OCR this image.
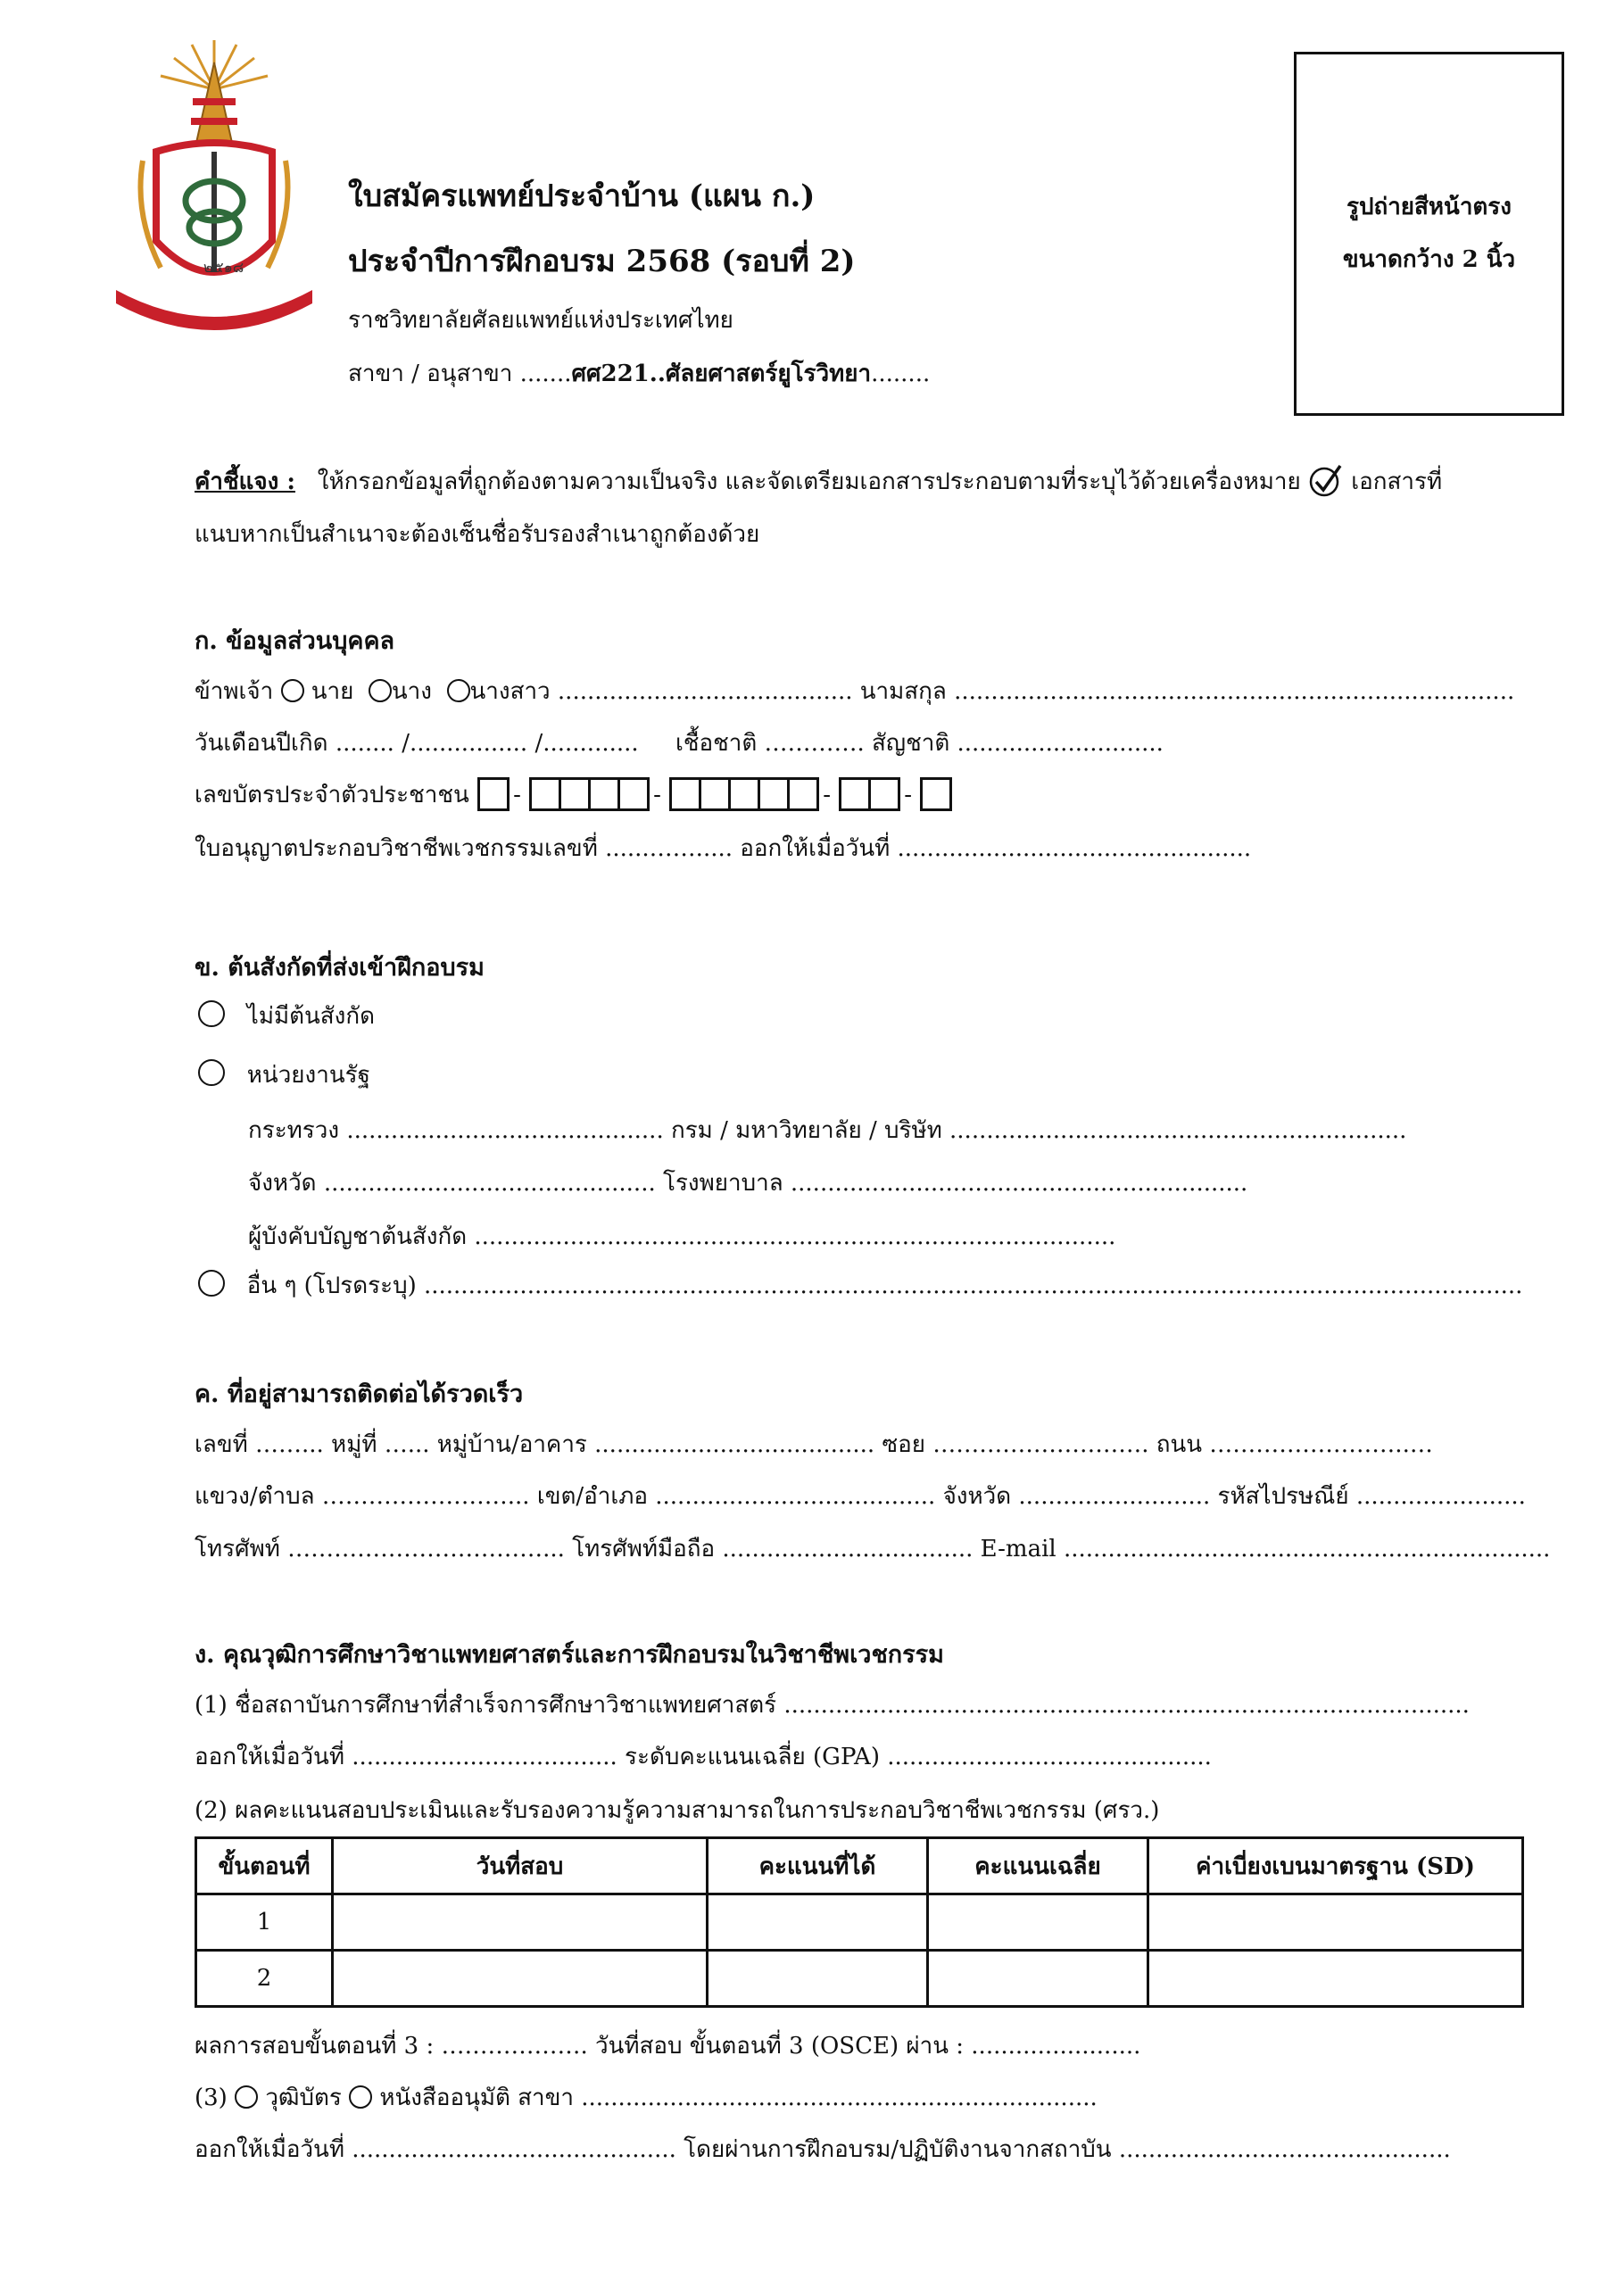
๒๕๑๘
ใบสมัครแพทย์ประจำบ้าน (แผน ก.)
ประจำปีการฝึกอบรม 2568 (รอบที่ 2)
ราชวิทยาลัยศัลยแพทย์แห่งประเทศไทย
สาขา / อนุสาขา .......ศศ221..ศัลยศาสตร์ยูโรวิทยา........
รูปถ่ายสีหน้าตรง
ขนาดกว้าง 2 นิ้ว
คำชี้แจง : ให้กรอกข้อมูลที่ถูกต้องตามความเป็นจริง และจัดเตรียมเอกสารประกอบตามที่ระบุไว้ด้วยเครื่องหมาย เอกสารที่
แนบหากเป็นสำเนาจะต้องเซ็นชื่อรับรองสำเนาถูกต้องด้วย
ก. ข้อมูลส่วนบุคคล
ข้าพเจ้า นาย นาง นางสาว ........................................ นามสกุล ............................................................................
วันเดือนปีเกิด ........ /................ /............. เชื้อชาติ …………. สัญชาติ ............................
เลขบัตรประจำตัวประชาชน -	-	-	-
ใบอนุญาตประกอบวิชาชีพเวชกรรมเลขที่ ......……..... ออกให้เมื่อวันที่ ................................................
ข. ต้นสังกัดที่ส่งเข้าฝึกอบรม
ไม่มีต้นสังกัด
หน่วยงานรัฐ
กระทรวง ........................................... กรม / มหาวิทยาลัย / บริษัท ..............................................................
จังหวัด ............................................. โรงพยาบาล ..............................................................
ผู้บังคับบัญชาต้นสังกัด .......................................................................................
อื่น ๆ (โปรดระบุ) .....................................................................................................................................................
ค. ที่อยู่สามารถติดต่อได้รวดเร็ว
เลขที่ ……... หมู่ที่ …... หมู่บ้าน/อาคาร ...................................... ซอย ………………………. ถนน ……………………..…
แขวง/ตำบล ……………………... เขต/อำเภอ ...................................... จังหวัด .......................... รหัสไปรษณีย์ .......................
โทรศัพท์ ……………………………... โทรศัพท์มือถือ .................................. E-mail ..................................................................
ง. คุณวุฒิการศึกษาวิชาแพทยศาสตร์และการฝึกอบรมในวิชาชีพเวชกรรม
(1) ชื่อสถาบันการศึกษาที่สำเร็จการศึกษาวิชาแพทยศาสตร์ .............................................................................................
ออกให้เมื่อวันที่ .................................... ระดับคะแนนเฉลี่ย (GPA) ............................................
(2) ผลคะแนนสอบประเมินและรับรองความรู้ความสามารถในการประกอบวิชาชีพเวชกรรม (ศรว.)
ขั้นตอนที่	วันที่สอบ	คะแนนที่ได้	คะแนนเฉลี่ย	ค่าเบี่ยงเบนมาตรฐาน (SD)
1				
2				
ผลการสอบขั้นตอนที่ 3 : ………………. วันที่สอบ ขั้นตอนที่ 3 (OSCE) ผ่าน : .......................
(3) วุฒิบัตร หนังสืออนุมัติ สาขา ......................................................................
ออกให้เมื่อวันที่ ............................................ โดยผ่านการฝึกอบรม/ปฏิบัติงานจากสถาบัน .............................................
